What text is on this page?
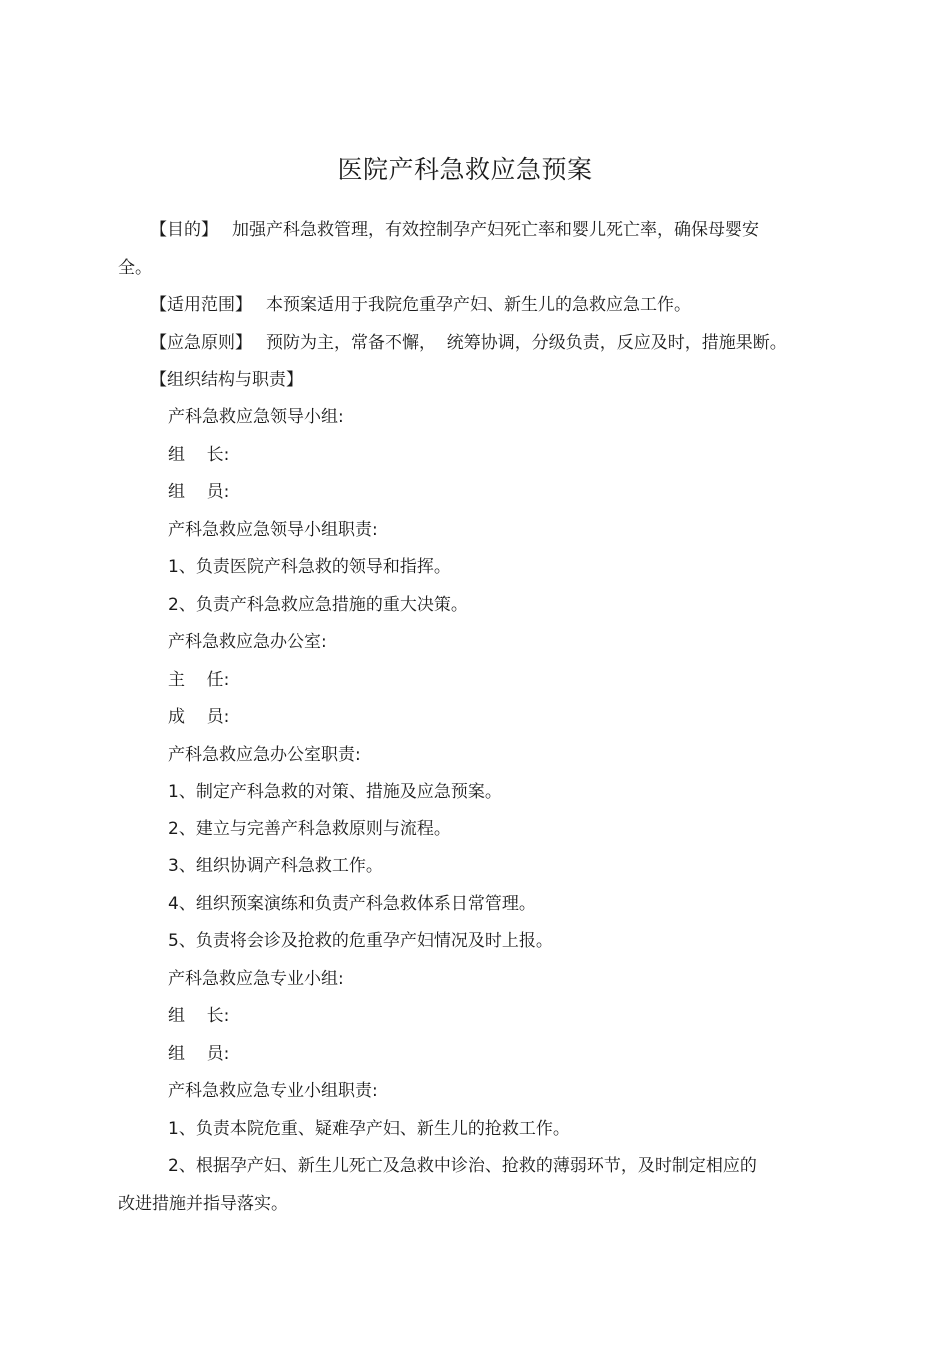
医院产科急救应急预案
【目的】 加强产科急救管理，有效控制孕产妇死亡率和婴儿死亡率，确保母婴安
全。
【适用范围】 本预案适用于我院危重孕产妇、新生儿的急救应急工作。
【应急原则】 预防为主，常备不懈，  统筹协调，分级负责，反应及时，措施果断。
【组织结构与职责】
产科急救应急领导小组:
组    长:
组    员:
产科急救应急领导小组职责:
1、负责医院产科急救的领导和指挥。
2、负责产科急救应急措施的重大决策。
产科急救应急办公室:
主    任:
成    员:
产科急救应急办公室职责:
1、制定产科急救的对策、措施及应急预案。
2、建立与完善产科急救原则与流程。
3、组织协调产科急救工作。
4、组织预案演练和负责产科急救体系日常管理。
5、负责将会诊及抢救的危重孕产妇情况及时上报。
产科急救应急专业小组:
组    长:
组    员:
产科急救应急专业小组职责:
1、负责本院危重、疑难孕产妇、新生儿的抢救工作。
2、根据孕产妇、新生儿死亡及急救中诊治、抢救的薄弱环节，及时制定相应的
改进措施并指导落实。
